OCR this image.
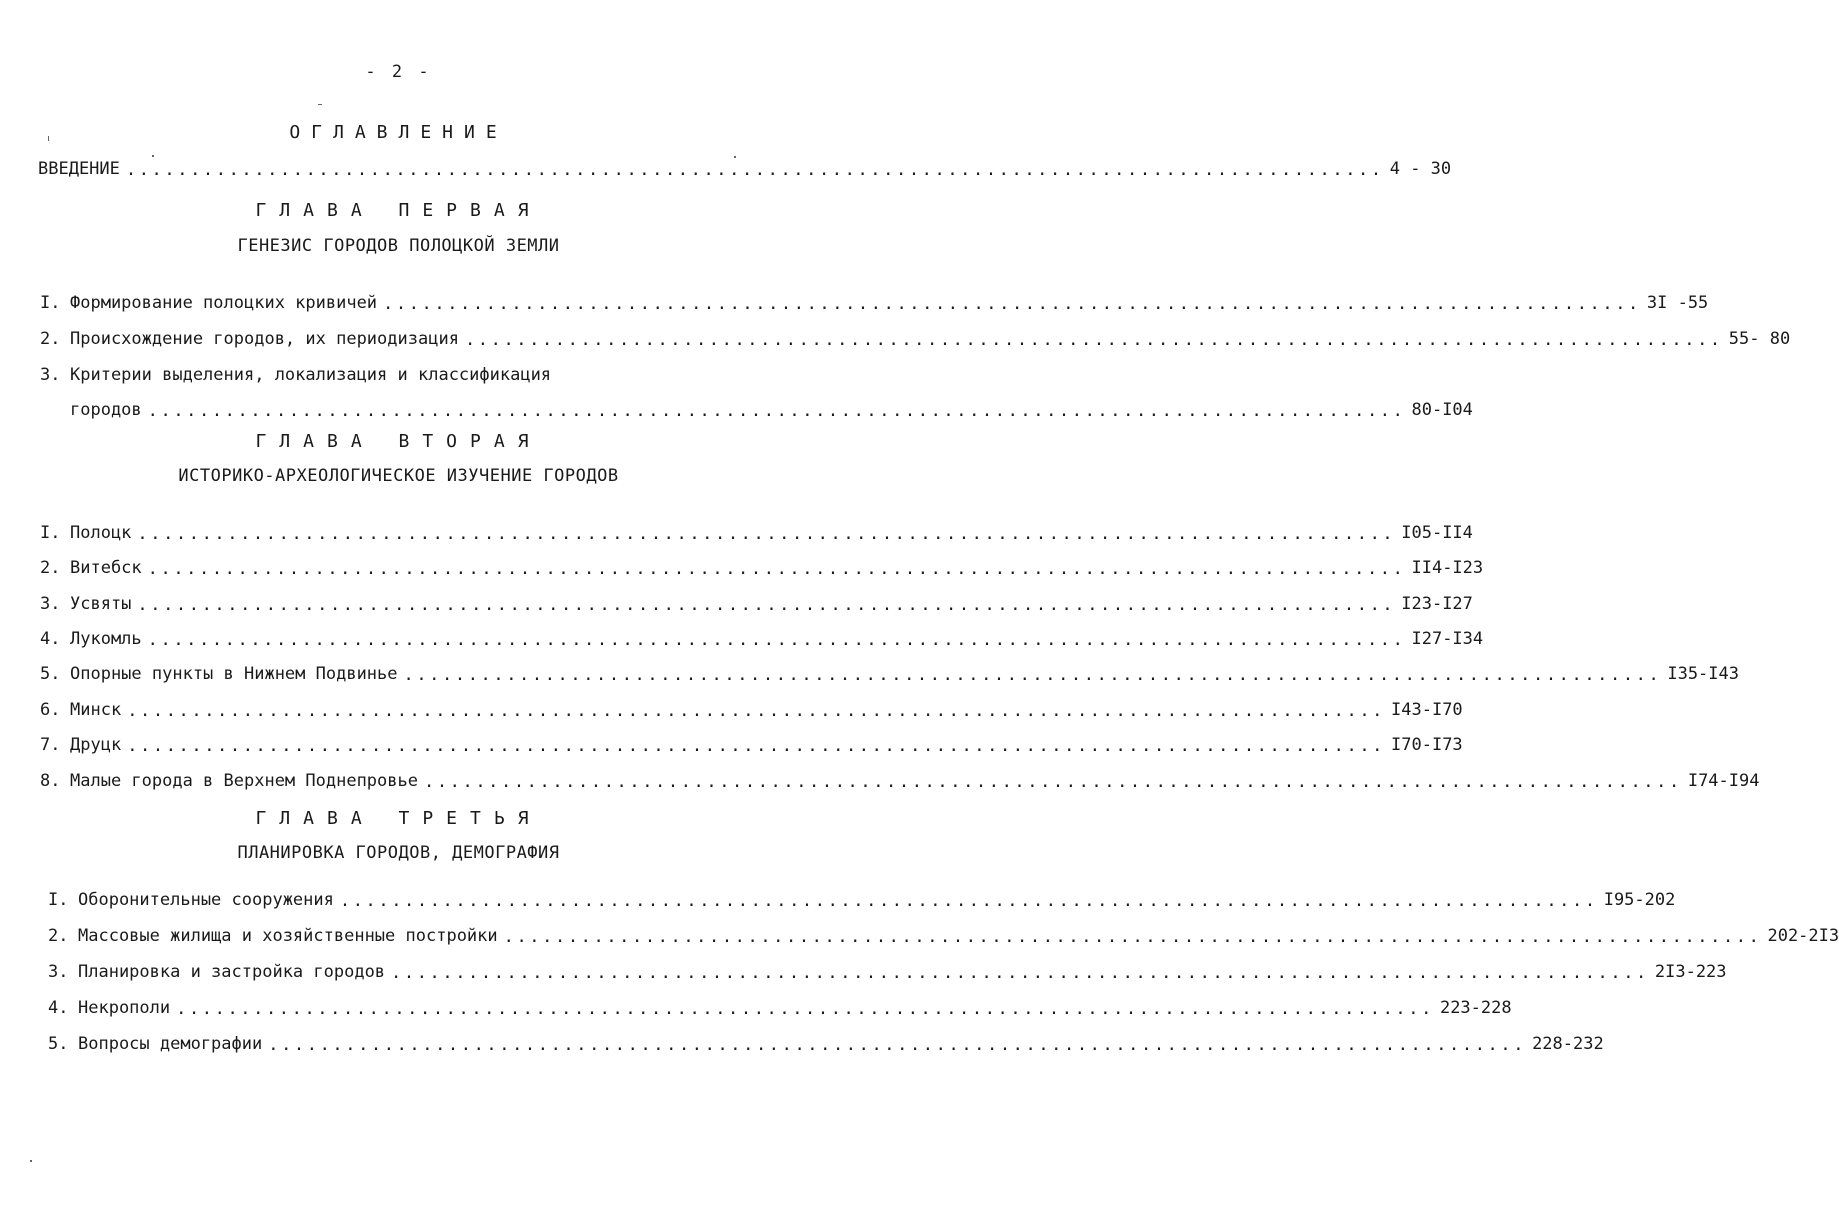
- 2 -
ОГЛАВЛЕНИЕ
ВВЕДЕНИЕ .................................................................................................. 4 - 30
ГЛАВА ПЕРВАЯ
ГЕНЕЗИС ГОРОДОВ ПОЛОЦКОЙ ЗЕМЛИ
I. Формирование полоцких кривичей .................................................................................................. 3I -55
2. Происхождение городов, их периодизация .................................................................................................. 55- 80
3. Критерии выделения, локализация и классификация
городов .................................................................................................. 80-I04
ГЛАВА ВТОРАЯ
ИСТОРИКО-АРХЕОЛОГИЧЕСКОЕ ИЗУЧЕНИЕ ГОРОДОВ
I. Полоцк .................................................................................................. I05-II4
2. Витебск .................................................................................................. II4-I23
3. Усвяты .................................................................................................. I23-I27
4. Лукомль .................................................................................................. I27-I34
5. Опорные пункты в Нижнем Подвинье .................................................................................................. I35-I43
6. Минск .................................................................................................. I43-I70
7. Друцк .................................................................................................. I70-I73
8. Малые города в Верхнем Поднепровье .................................................................................................. I74-I94
ГЛАВА ТРЕТЬЯ
ПЛАНИРОВКА ГОРОДОВ, ДЕМОГРАФИЯ
I. Оборонительные сооружения .................................................................................................. I95-202
2. Массовые жилища и хозяйственные постройки .................................................................................................. 202-2I3
3. Планировка и застройка городов .................................................................................................. 2I3-223
4. Некрополи .................................................................................................. 223-228
5. Вопросы демографии .................................................................................................. 228-232
